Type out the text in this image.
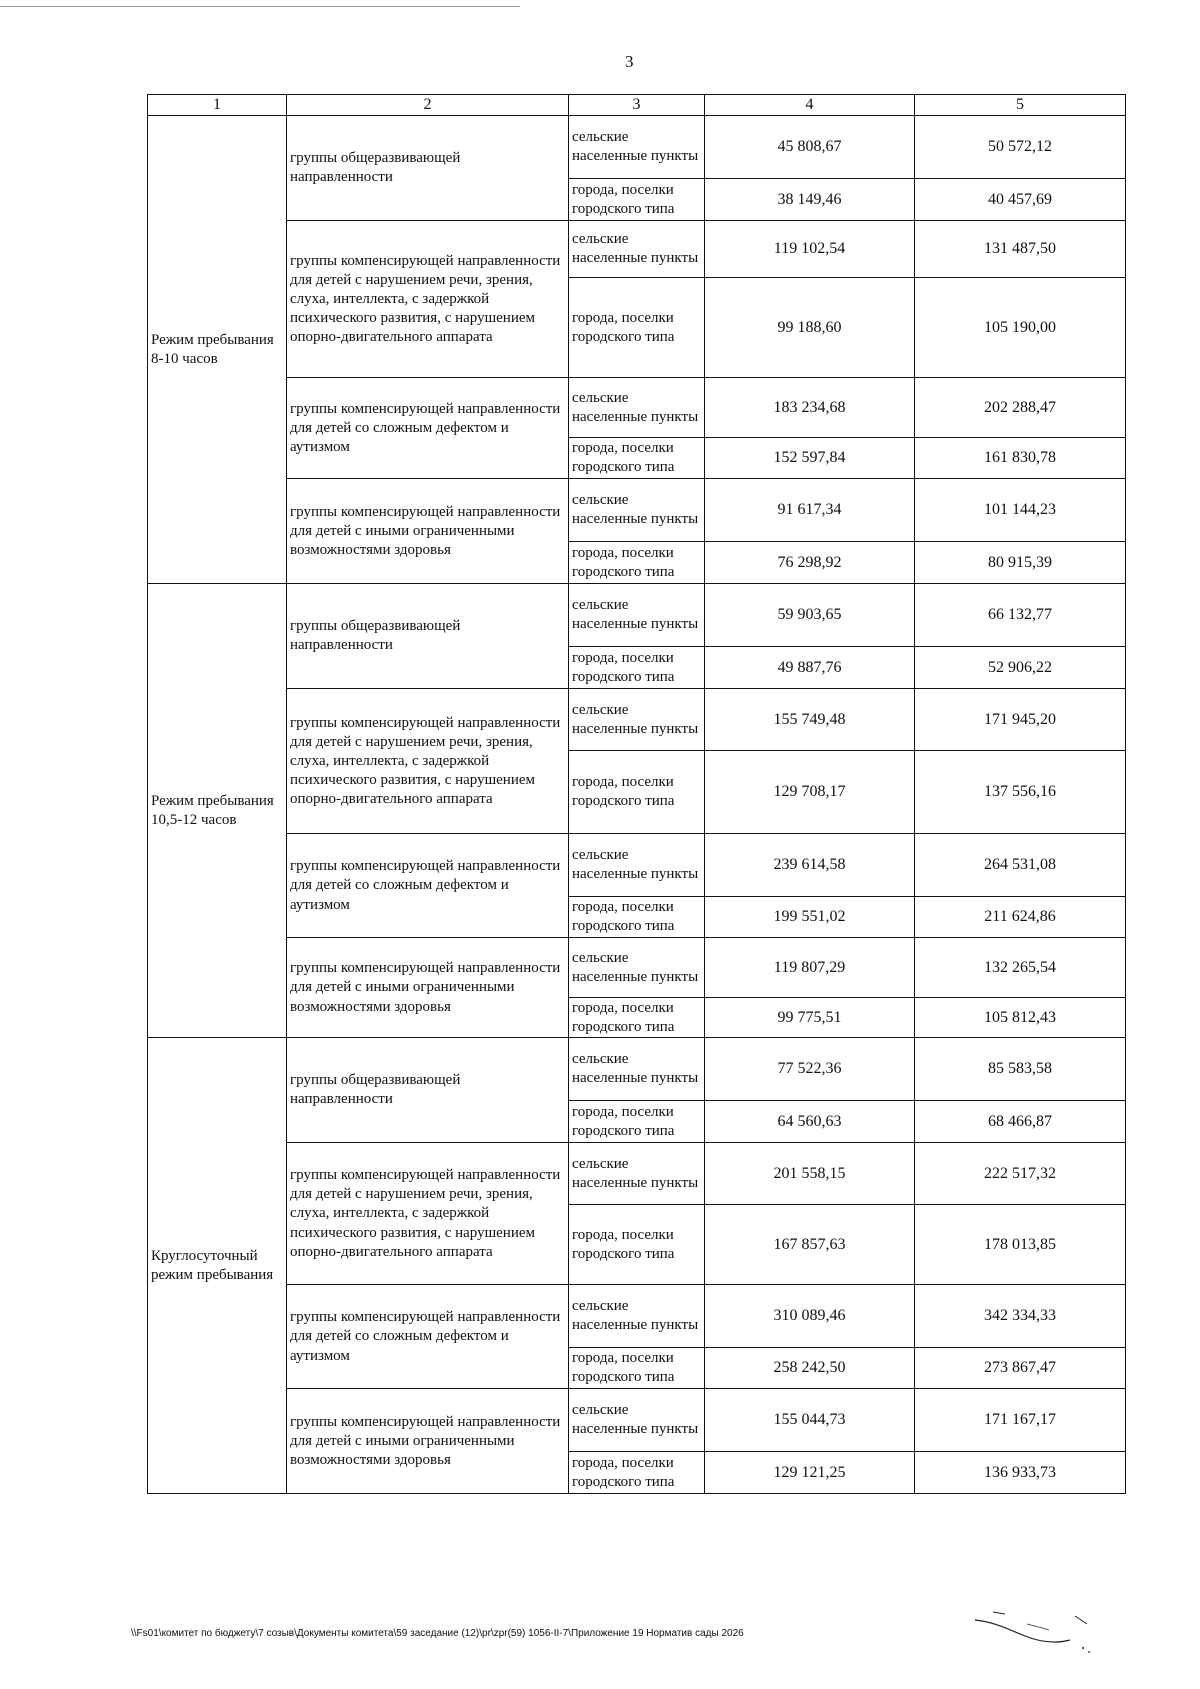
3
1	2	3	4	5
Режим пребывания 8-10 часов	группы общеразвивающей направленности	сельские населенные пункты	45 808,67	50 572,12
		города, поселки городского типа	38 149,46	40 457,69
	группы компенсирующей направленности для детей с нарушением речи, зрения, слуха, интеллекта, с задержкой психического развития, с нарушением опорно-двигательного аппарата	сельские населенные пункты	119 102,54	131 487,50
		города, поселки городского типа	99 188,60	105 190,00
	группы компенсирующей направленности для детей со сложным дефектом и аутизмом	сельские населенные пункты	183 234,68	202 288,47
		города, поселки городского типа	152 597,84	161 830,78
	группы компенсирующей направленности для детей с иными ограниченными возможностями здоровья	сельские населенные пункты	91 617,34	101 144,23
		города, поселки городского типа	76 298,92	80 915,39
Режим пребывания 10,5-12 часов	группы общеразвивающей направленности	сельские населенные пункты	59 903,65	66 132,77
		города, поселки городского типа	49 887,76	52 906,22
	группы компенсирующей направленности для детей с нарушением речи, зрения, слуха, интеллекта, с задержкой психического развития, с нарушением опорно-двигательного аппарата	сельские населенные пункты	155 749,48	171 945,20
		города, поселки городского типа	129 708,17	137 556,16
	группы компенсирующей направленности для детей со сложным дефектом и аутизмом	сельские населенные пункты	239 614,58	264 531,08
		города, поселки городского типа	199 551,02	211 624,86
	группы компенсирующей направленности для детей с иными ограниченными возможностями здоровья	сельские населенные пункты	119 807,29	132 265,54
		города, поселки городского типа	99 775,51	105 812,43
Круглосуточный режим пребывания	группы общеразвивающей направленности	сельские населенные пункты	77 522,36	85 583,58
		города, поселки городского типа	64 560,63	68 466,87
	группы компенсирующей направленности для детей с нарушением речи, зрения, слуха, интеллекта, с задержкой психического развития, с нарушением опорно-двигательного аппарата	сельские населенные пункты	201 558,15	222 517,32
		города, поселки городского типа	167 857,63	178 013,85
	группы компенсирующей направленности для детей со сложным дефектом и аутизмом	сельские населенные пункты	310 089,46	342 334,33
		города, поселки городского типа	258 242,50	273 867,47
	группы компенсирующей направленности для детей с иными ограниченными возможностями здоровья	сельские населенные пункты	155 044,73	171 167,17
		города, поселки городского типа	129 121,25	136 933,73
\\Fs01\комитет по бюджету\7 созыв\Документы комитета\59 заседание (12)\pr\zpr(59) 1056-II-7\Приложение 19 Норматив сады 2026
